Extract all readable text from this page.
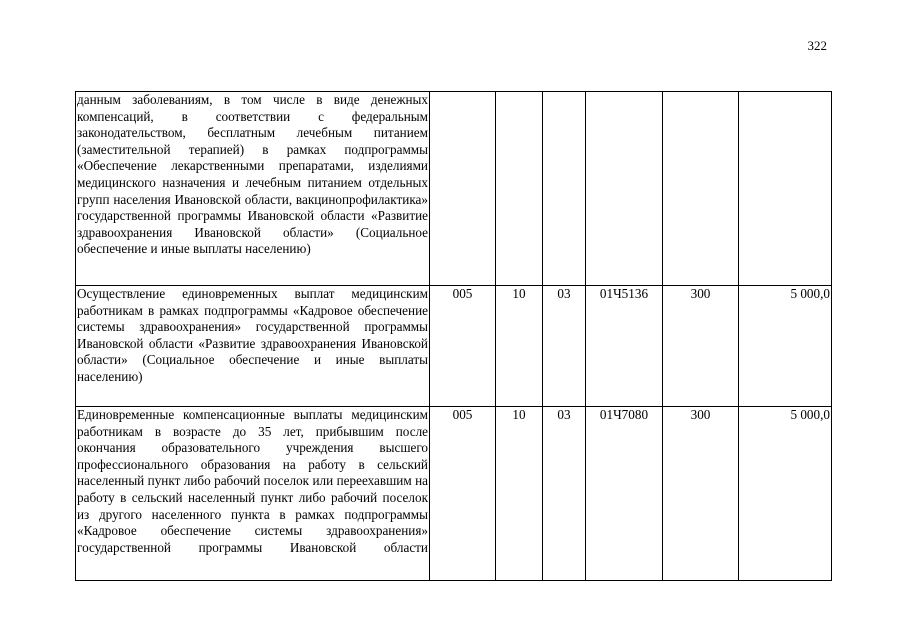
322
данным заболеваниям, в том числе в виде денежных компенсаций, в соответствии с федеральным законодательством, бесплатным лечебным питанием (заместительной терапией) в рамках подпрограммы «Обеспечение лекарственными препаратами, изделиями медицинского назначения и лечебным питанием отдельных групп населения Ивановской области, вакцинопрофилактика» государственной программы Ивановской области «Развитие здравоохранения Ивановской области» (Социальное обеспечение и иные выплаты населению)						
Осуществление единовременных выплат медицинским работникам в рамках подпрограммы «Кадровое обеспечение системы здравоохранения» государственной программы Ивановской области «Развитие здравоохранения Ивановской области» (Социальное обеспечение и иные выплаты населению)	005	10	03	01Ч5136	300	5 000,0
Единовременные компенсационные выплаты медицинским работникам в возрасте до 35 лет, прибывшим после окончания образовательного учреждения высшего профессионального образования на работу в сельский населенный пункт либо рабочий поселок или переехавшим на работу в сельский населенный пункт либо рабочий поселок из другого населенного пункта в рамках подпрограммы «Кадровое обеспечение системы здравоохранения» государственной программы Ивановской области	005	10	03	01Ч7080	300	5 000,0
